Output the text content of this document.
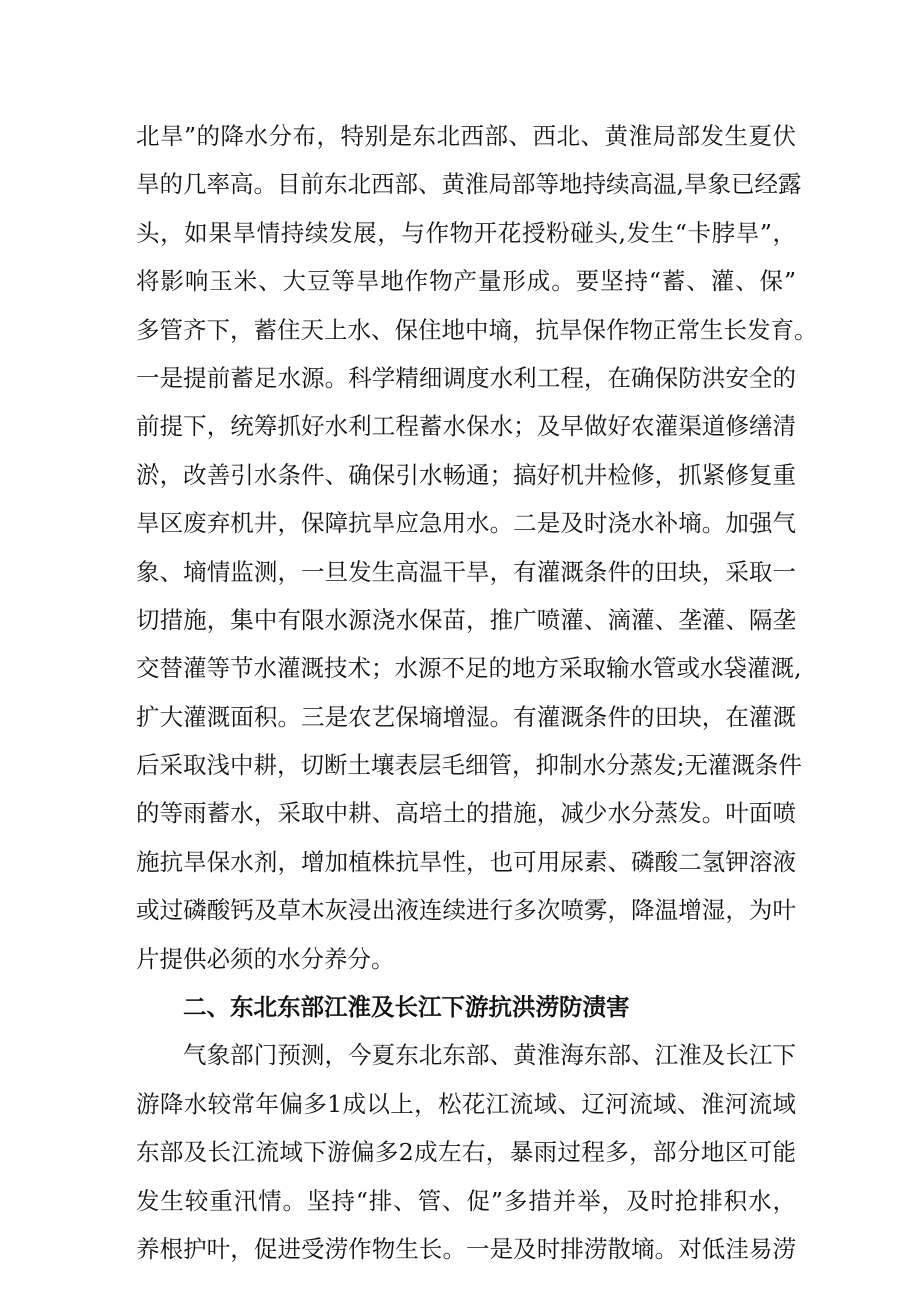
北旱”的降水分布，特别是东北西部、西北、黄淮局部发生夏伏
旱的几率高。目前东北西部、黄淮局部等地持续高温,旱象已经露
头，如果旱情持续发展，与作物开花授粉碰头,发生“卡脖旱”，
将影响玉米、大豆等旱地作物产量形成。要坚持“蓄、灌、保”
多管齐下，蓄住天上水、保住地中墒，抗旱保作物正常生长发育。
一是提前蓄足水源。科学精细调度水利工程，在确保防洪安全的
前提下，统筹抓好水利工程蓄水保水；及早做好农灌渠道修缮清
淤，改善引水条件、确保引水畅通；搞好机井检修，抓紧修复重
旱区废弃机井，保障抗旱应急用水。二是及时浇水补墒。加强气
象、墒情监测，一旦发生高温干旱，有灌溉条件的田块，采取一
切措施，集中有限水源浇水保苗，推广喷灌、滴灌、垄灌、隔垄
交替灌等节水灌溉技术；水源不足的地方采取输水管或水袋灌溉,
扩大灌溉面积。三是农艺保墒增湿。有灌溉条件的田块，在灌溉
后采取浅中耕，切断土壤表层毛细管，抑制水分蒸发;无灌溉条件
的等雨蓄水，采取中耕、高培土的措施，减少水分蒸发。叶面喷
施抗旱保水剂，增加植株抗旱性，也可用尿素、磷酸二氢钾溶液
或过磷酸钙及草木灰浸出液连续进行多次喷雾，降温增湿，为叶
片提供必须的水分养分。
二、东北东部江淮及长江下游抗洪涝防渍害
气象部门预测，今夏东北东部、黄淮海东部、江淮及长江下
游降水较常年偏多1成以上，松花江流域、辽河流域、淮河流域
东部及长江流域下游偏多2成左右，暴雨过程多，部分地区可能
发生较重汛情。坚持“排、管、促”多措并举，及时抢排积水，
养根护叶，促进受涝作物生长。一是及时排涝散墒。对低洼易涝
